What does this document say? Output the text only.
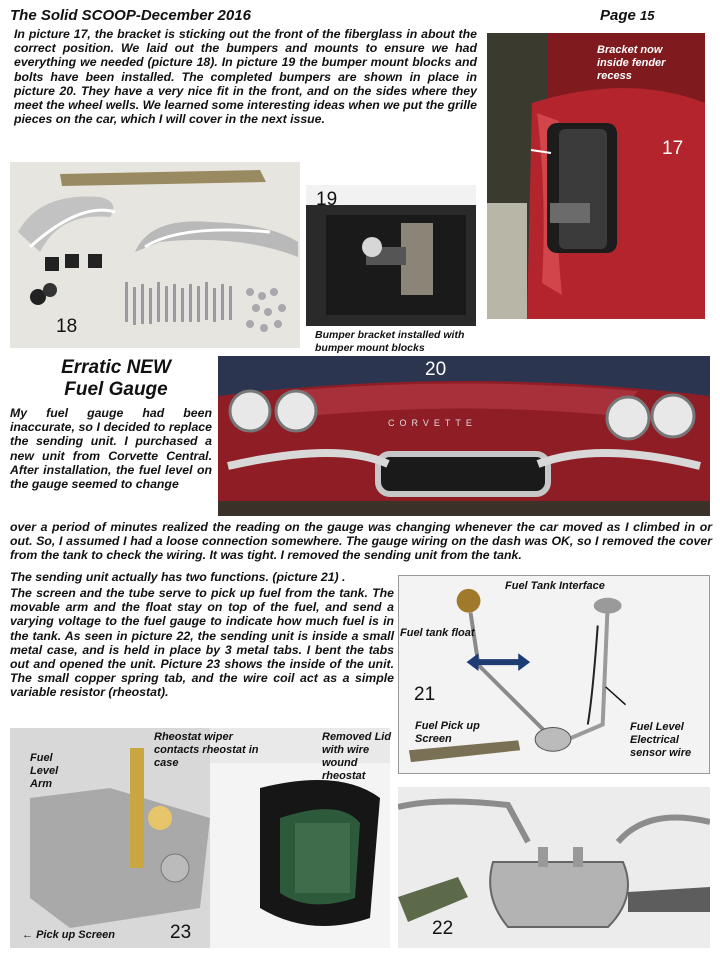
The Solid SCOOP-December 2016	Page 15

In picture 17, the bracket is sticking out the front of the fiberglass in about the correct position. We laid out the bumpers and mounts to ensure we had everything we needed (picture 18). In picture 19 the bumper mount blocks and bolts have been installed. The completed bumpers are shown in place in picture 20. They have a very nice fit in the front, and on the sides where they meet the wheel wells. We learned some interesting ideas when we put the grille pieces on the car, which I will cover in the next issue.

Bracket now inside fender recess
17
18
19
Bumper bracket installed with bumper mount blocks
Erratic NEW
Fuel Gauge
CORVETTE
20

My fuel gauge had been inaccurate, so I decided to replace the sending unit. I purchased a new unit from Corvette Central. After installation, the fuel level on the gauge seemed to change

over a period of minutes realized the reading on the gauge was changing whenever the car moved as I climbed in or out. So, I assumed I had a loose connection somewhere. The gauge wiring on the dash was OK, so I removed the cover from the tank to check the wiring. It was tight. I removed the sending unit from the tank.

The sending unit actually has two functions. (picture 21) .

The screen and the tube serve to pick up fuel from the tank. The movable arm and the float stay on top of the fuel, and send a varying voltage to the fuel gauge to indicate how much fuel is in the tank. As seen in picture 22, the sending unit is inside a small metal case, and is held in place by 3 metal tabs. I bent the tabs out and opened the unit. Picture 23 shows the inside of the unit. The small copper spring tab, and the wire coil act as a simple variable resistor (rheostat).

Fuel Tank Interface
Fuel tank float
21
Fuel Pick up Screen
Fuel Level Electrical sensor wire
Fuel Level Arm
Rheostat wiper contacts rheostat in case
Removed Lid with wire wound rheostat
← Pick up Screen	23	22
